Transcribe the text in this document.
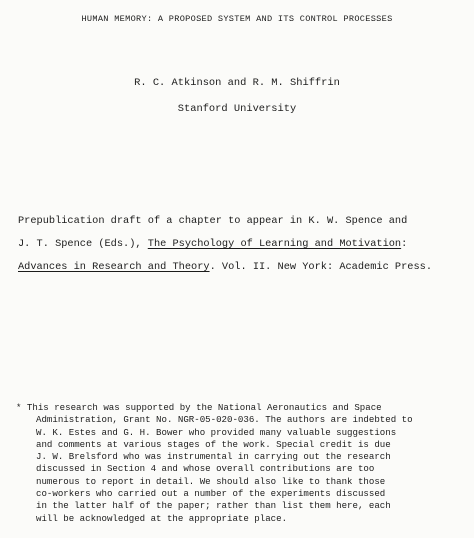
HUMAN MEMORY: A PROPOSED SYSTEM AND ITS CONTROL PROCESSES
R. C. Atkinson and R. M. Shiffrin
Stanford University
Prepublication draft of a chapter to appear in K. W. Spence and
J. T. Spence (Eds.), The Psychology of Learning and Motivation:
Advances in Research and Theory. Vol. II. New York: Academic Press.
* This research was supported by the National Aeronautics and Space
Administration, Grant No. NGR-05-020-036. The authors are indebted to
W. K. Estes and G. H. Bower who provided many valuable suggestions
and comments at various stages of the work. Special credit is due
J. W. Brelsford who was instrumental in carrying out the research
discussed in Section 4 and whose overall contributions are too
numerous to report in detail. We should also like to thank those
co-workers who carried out a number of the experiments discussed
in the latter half of the paper; rather than list them here, each
will be acknowledged at the appropriate place.
